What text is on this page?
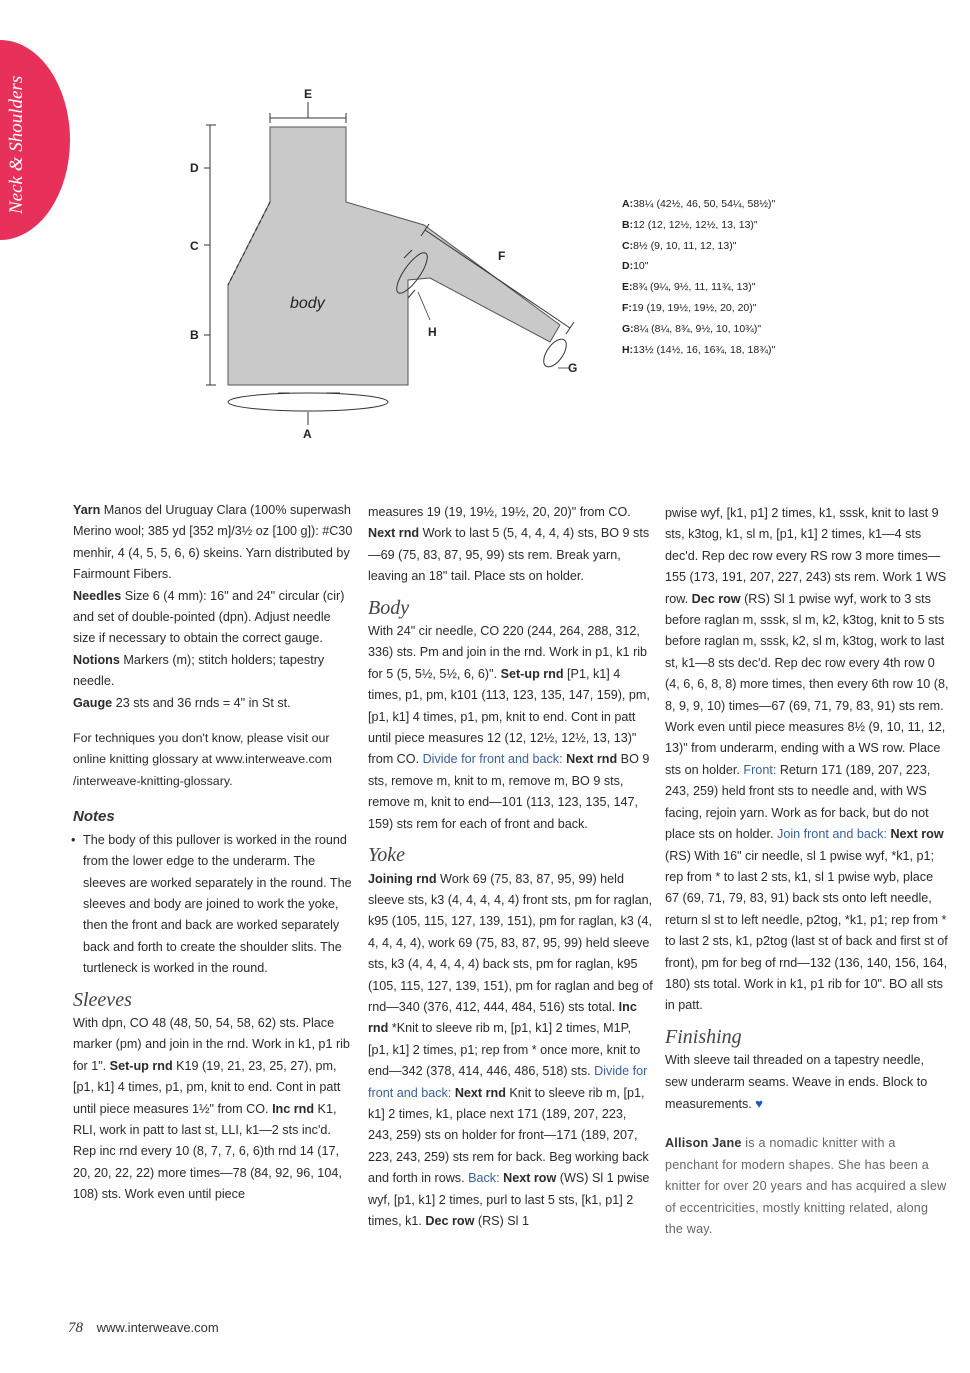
Neck & Shoulders	D
C
B
E
F
H
G
A
body
A:38¼ (42½, 46, 50, 54¼, 58½)"
B:12 (12, 12½, 12½, 13, 13)"
C:8½ (9, 10, 11, 12, 13)"
D:10"
E:8¾ (9¼, 9½, 11, 11¾, 13)"
F:19 (19, 19½, 19½, 20, 20)"
G:8¼ (8¼, 8¾, 9½, 10, 10¾)"
H:13½ (14½, 16, 16¾, 18, 18¾)"

Yarn Manos del Uruguay Clara (100% superwash Merino wool; 385 yd [352 m]/3½ oz [100 g]): #C30 menhir, 4 (4, 5, 5, 6, 6) skeins. Yarn distributed by Fairmount Fibers.

Needles Size 6 (4 mm): 16" and 24" circular (cir) and set of double-pointed (dpn). Adjust needle size if necessary to obtain the correct gauge.

Notions Markers (m); stitch holders; tapestry needle.

Gauge 23 sts and 36 rnds = 4" in St st.

For techniques you don't know, please visit our online knitting glossary at www.interweave.com /interweave-knitting-glossary.

Notes

• The body of this pullover is worked in the round from the lower edge to the underarm. The sleeves are worked separately in the round. The sleeves and body are joined to work the yoke, then the front and back are worked separately back and forth to create the shoulder slits. The turtleneck is worked in the round.

Sleeves

With dpn, CO 48 (48, 50, 54, 58, 62) sts. Place marker (pm) and join in the rnd. Work in k1, p1 rib for 1". Set-up rnd K19 (19, 21, 23, 25, 27), pm, [p1, k1] 4 times, p1, pm, knit to end. Cont in patt until piece measures 1½" from CO. Inc rnd K1, RLI, work in patt to last st, LLI, k1—2 sts inc'd. Rep inc rnd every 10 (8, 7, 7, 6, 6)th rnd 14 (17, 20, 20, 22, 22) more times—78 (84, 92, 96, 104, 108) sts. Work even until piece

measures 19 (19, 19½, 19½, 20, 20)" from CO. Next rnd Work to last 5 (5, 4, 4, 4, 4) sts, BO 9 sts—69 (75, 83, 87, 95, 99) sts rem. Break yarn, leaving an 18" tail. Place sts on holder.

Body

With 24" cir needle, CO 220 (244, 264, 288, 312, 336) sts. Pm and join in the rnd. Work in p1, k1 rib for 5 (5, 5½, 5½, 6, 6)". Set-up rnd [P1, k1] 4 times, p1, pm, k101 (113, 123, 135, 147, 159), pm, [p1, k1] 4 times, p1, pm, knit to end. Cont in patt until piece measures 12 (12, 12½, 12½, 13, 13)" from CO. Divide for front and back: Next rnd BO 9 sts, remove m, knit to m, remove m, BO 9 sts, remove m, knit to end—101 (113, 123, 135, 147, 159) sts rem for each of front and back.

Yoke

Joining rnd Work 69 (75, 83, 87, 95, 99) held sleeve sts, k3 (4, 4, 4, 4, 4) front sts, pm for raglan, k95 (105, 115, 127, 139, 151), pm for raglan, k3 (4, 4, 4, 4, 4), work 69 (75, 83, 87, 95, 99) held sleeve sts, k3 (4, 4, 4, 4, 4) back sts, pm for raglan, k95 (105, 115, 127, 139, 151), pm for raglan and beg of rnd—340 (376, 412, 444, 484, 516) sts total. Inc rnd *Knit to sleeve rib m, [p1, k1] 2 times, M1P, [p1, k1] 2 times, p1; rep from * once more, knit to end—342 (378, 414, 446, 486, 518) sts. Divide for front and back: Next rnd Knit to sleeve rib m, [p1, k1] 2 times, k1, place next 171 (189, 207, 223, 243, 259) sts on holder for front—171 (189, 207, 223, 243, 259) sts rem for back. Beg working back and forth in rows. Back: Next row (WS) Sl 1 pwise wyf, [p1, k1] 2 times, purl to last 5 sts, [k1, p1] 2 times, k1. Dec row (RS) Sl 1

pwise wyf, [k1, p1] 2 times, k1, sssk, knit to last 9 sts, k3tog, k1, sl m, [p1, k1] 2 times, k1—4 sts dec'd. Rep dec row every RS row 3 more times—155 (173, 191, 207, 227, 243) sts rem. Work 1 WS row. Dec row (RS) Sl 1 pwise wyf, work to 3 sts before raglan m, sssk, sl m, k2, k3tog, knit to 5 sts before raglan m, sssk, k2, sl m, k3tog, work to last st, k1—8 sts dec'd. Rep dec row every 4th row 0 (4, 6, 6, 8, 8) more times, then every 6th row 10 (8, 8, 9, 9, 10) times—67 (69, 71, 79, 83, 91) sts rem. Work even until piece measures 8½ (9, 10, 11, 12, 13)" from underarm, ending with a WS row. Place sts on holder. Front: Return 171 (189, 207, 223, 243, 259) held front sts to needle and, with WS facing, rejoin yarn. Work as for back, but do not place sts on holder. Join front and back: Next row (RS) With 16" cir needle, sl 1 pwise wyf, *k1, p1; rep from * to last 2 sts, k1, sl 1 pwise wyb, place 67 (69, 71, 79, 83, 91) back sts onto left needle, return sl st to left needle, p2tog, *k1, p1; rep from * to last 2 sts, k1, p2tog (last st of back and first st of front), pm for beg of rnd—132 (136, 140, 156, 164, 180) sts total. Work in k1, p1 rib for 10". BO all sts in patt.

Finishing

With sleeve tail threaded on a tapestry needle, sew underarm seams. Weave in ends. Block to measurements. ♥

Allison Jane is a nomadic knitter with a penchant for modern shapes. She has been a knitter for over 20 years and has acquired a slew of eccentricities, mostly knitting related, along the way.

78 www.interweave.com
